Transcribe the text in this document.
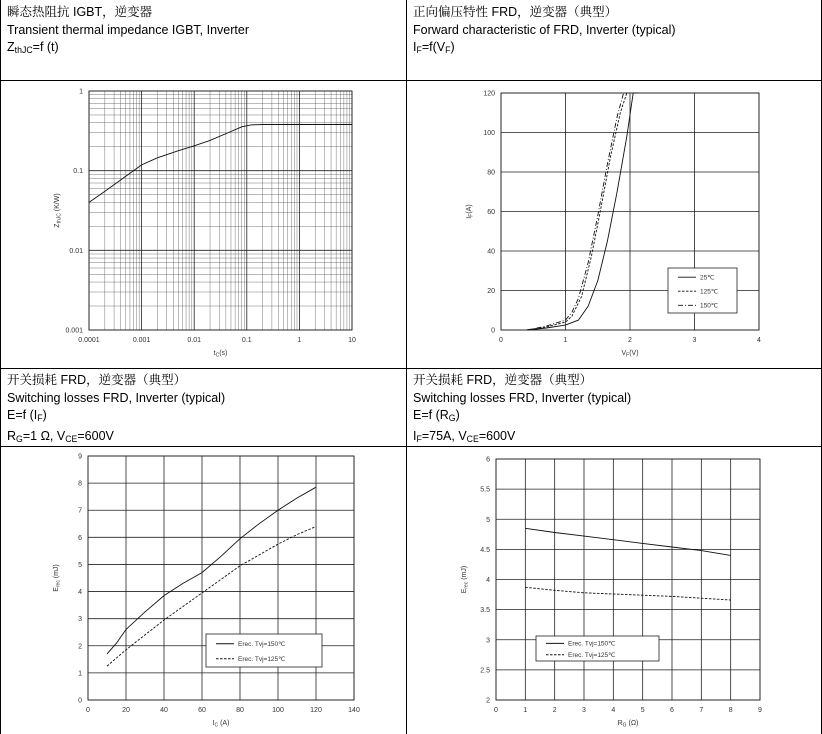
瞬态热阻抗 IGBT，逆变器
Transient thermal impedance IGBT, Inverter
$Z_{thJC}=f$ (t)
正向偏压特性 FRD，逆变器（典型）
Forward characteristic of FRD, Inverter (typical)
$I_F=f(V_F)$
开关损耗 FRD，逆变器（典型）
Switching losses FRD, Inverter (typical)
E=f $(I_F)$
$R_G=1$ Ω, $V_{CE}=600V$
开关损耗 FRD，逆变器（典型）
Switching losses FRD, Inverter (typical)
E=f $(R_G)$
$I_F=75A$, $V_{CE}=600V$
0.0001	0.001	0.01	0.1	1	10
0.001
0.01
0.1
1
$t_C(s)$
$Z_{thJC}$ (K/W)
0	1	2	3	4
0
20
40
60
80
100
120
$V_F(V)$
$I_F(A)$
25℃
125℃
150℃
0	20	40	60	80	100	120	140
0
1
2
3
4
5
6
7
8
9
$I_C$ (A)
$E_{rec}$ (mJ)
Erec. Tvj=150℃
Erec. Tvj=125℃
0	1	2	3	4	5	6	7	8	9
2
2.5
3
3.5
4
4.5
5
5.5
6
$R_G$ (Ω)
$E_{rec}$ (mJ)
Erec. Tvj=150℃
Erec. Tvj=125℃
